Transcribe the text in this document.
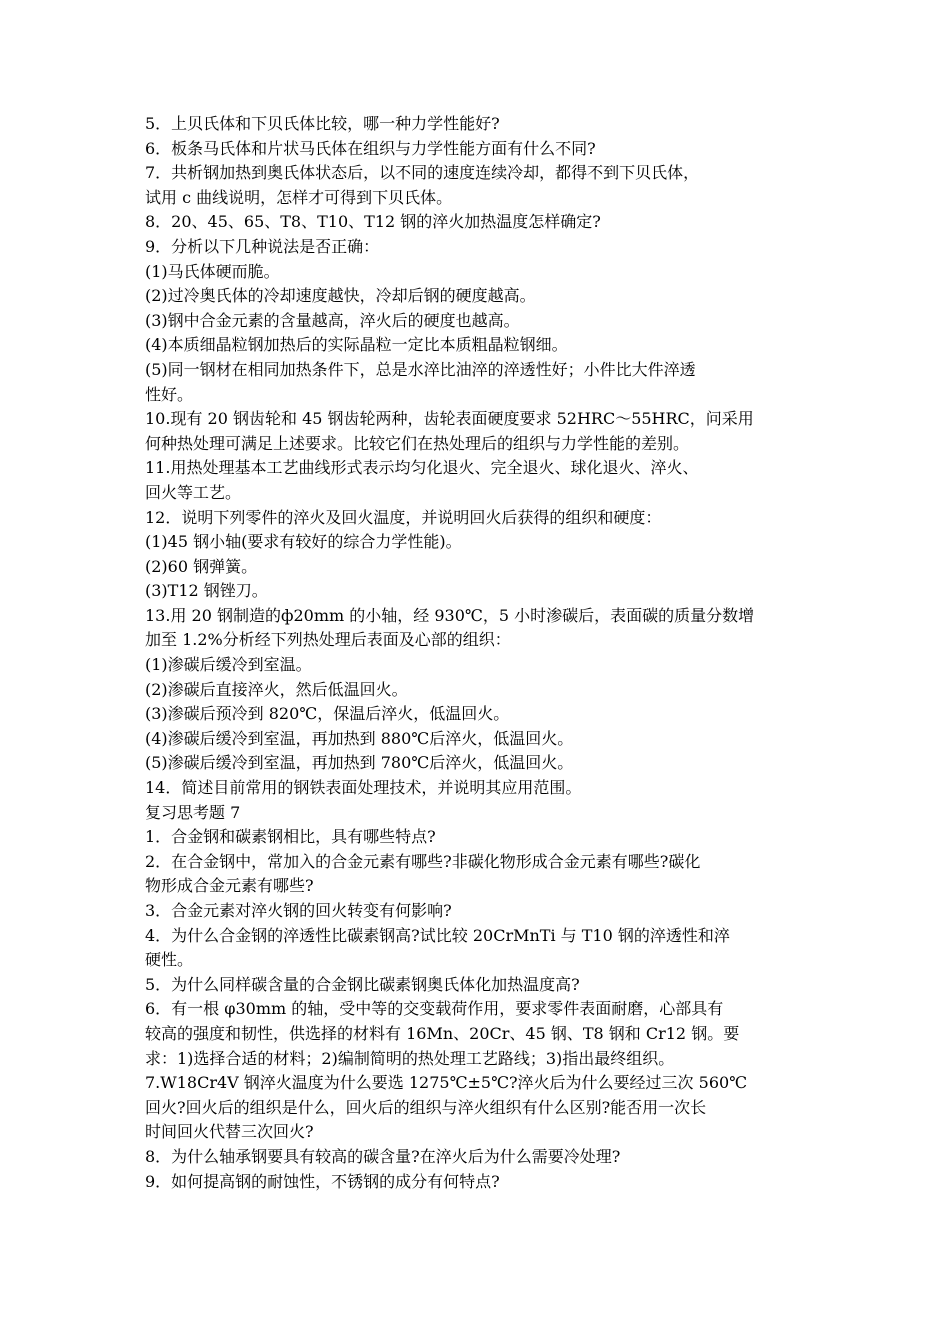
5．上贝氏体和下贝氏体比较，哪一种力学性能好?
6．板条马氏体和片状马氏体在组织与力学性能方面有什么不同?
7．共析钢加热到奥氏体状态后，以不同的速度连续冷却，都得不到下贝氏体，
试用 c 曲线说明，怎样才可得到下贝氏体。
8．20、45、65、T8、T10、T12 钢的淬火加热温度怎样确定?
9．分析以下几种说法是否正确：
(1)马氏体硬而脆。
(2)过冷奥氏体的冷却速度越快，冷却后钢的硬度越高。
(3)钢中合金元素的含量越高，淬火后的硬度也越高。
(4)本质细晶粒钢加热后的实际晶粒一定比本质粗晶粒钢细。
(5)同一钢材在相同加热条件下，总是水淬比油淬的淬透性好；小件比大件淬透
性好。
10.现有 20 钢齿轮和 45 钢齿轮两种，齿轮表面硬度要求 52HRC～55HRC，问采用
何种热处理可满足上述要求。比较它们在热处理后的组织与力学性能的差别。
11.用热处理基本工艺曲线形式表示均匀化退火、完全退火、球化退火、淬火、
回火等工艺。
12．说明下列零件的淬火及回火温度，并说明回火后获得的组织和硬度：
(1)45 钢小轴(要求有较好的综合力学性能)。
(2)60 钢弹簧。
(3)T12 钢锉刀。
13.用 20 钢制造的ф20mm 的小轴，经 930℃，5 小时渗碳后，表面碳的质量分数增
加至 1.2%分析经下列热处理后表面及心部的组织：
(1)渗碳后缓冷到室温。
(2)渗碳后直接淬火，然后低温回火。
(3)渗碳后预冷到 820℃，保温后淬火，低温回火。
(4)渗碳后缓冷到室温，再加热到 880℃后淬火，低温回火。
(5)渗碳后缓冷到室温，再加热到 780℃后淬火，低温回火。
14．简述目前常用的钢铁表面处理技术，并说明其应用范围。
复习思考题 7
1．合金钢和碳素钢相比，具有哪些特点?
2．在合金钢中，常加入的合金元素有哪些?非碳化物形成合金元素有哪些?碳化
物形成合金元素有哪些?
3．合金元素对淬火钢的回火转变有何影响?
4．为什么合金钢的淬透性比碳素钢高?试比较 20CrMnTi 与 T10 钢的淬透性和淬
硬性。
5．为什么同样碳含量的合金钢比碳素钢奥氏体化加热温度高?
6．有一根 φ30mm 的轴，受中等的交变载荷作用，要求零件表面耐磨，心部具有
较高的强度和韧性，供选择的材料有 16Mn、20Cr、45 钢、T8 钢和 Cr12 钢。要
求：1)选择合适的材料；2)编制简明的热处理工艺路线；3)指出最终组织。
7.W18Cr4V 钢淬火温度为什么要选 1275℃±5℃?淬火后为什么要经过三次 560℃
回火?回火后的组织是什么，回火后的组织与淬火组织有什么区别?能否用一次长
时间回火代替三次回火?
8．为什么轴承钢要具有较高的碳含量?在淬火后为什么需要冷处理?
9．如何提高钢的耐蚀性，不锈钢的成分有何特点?
